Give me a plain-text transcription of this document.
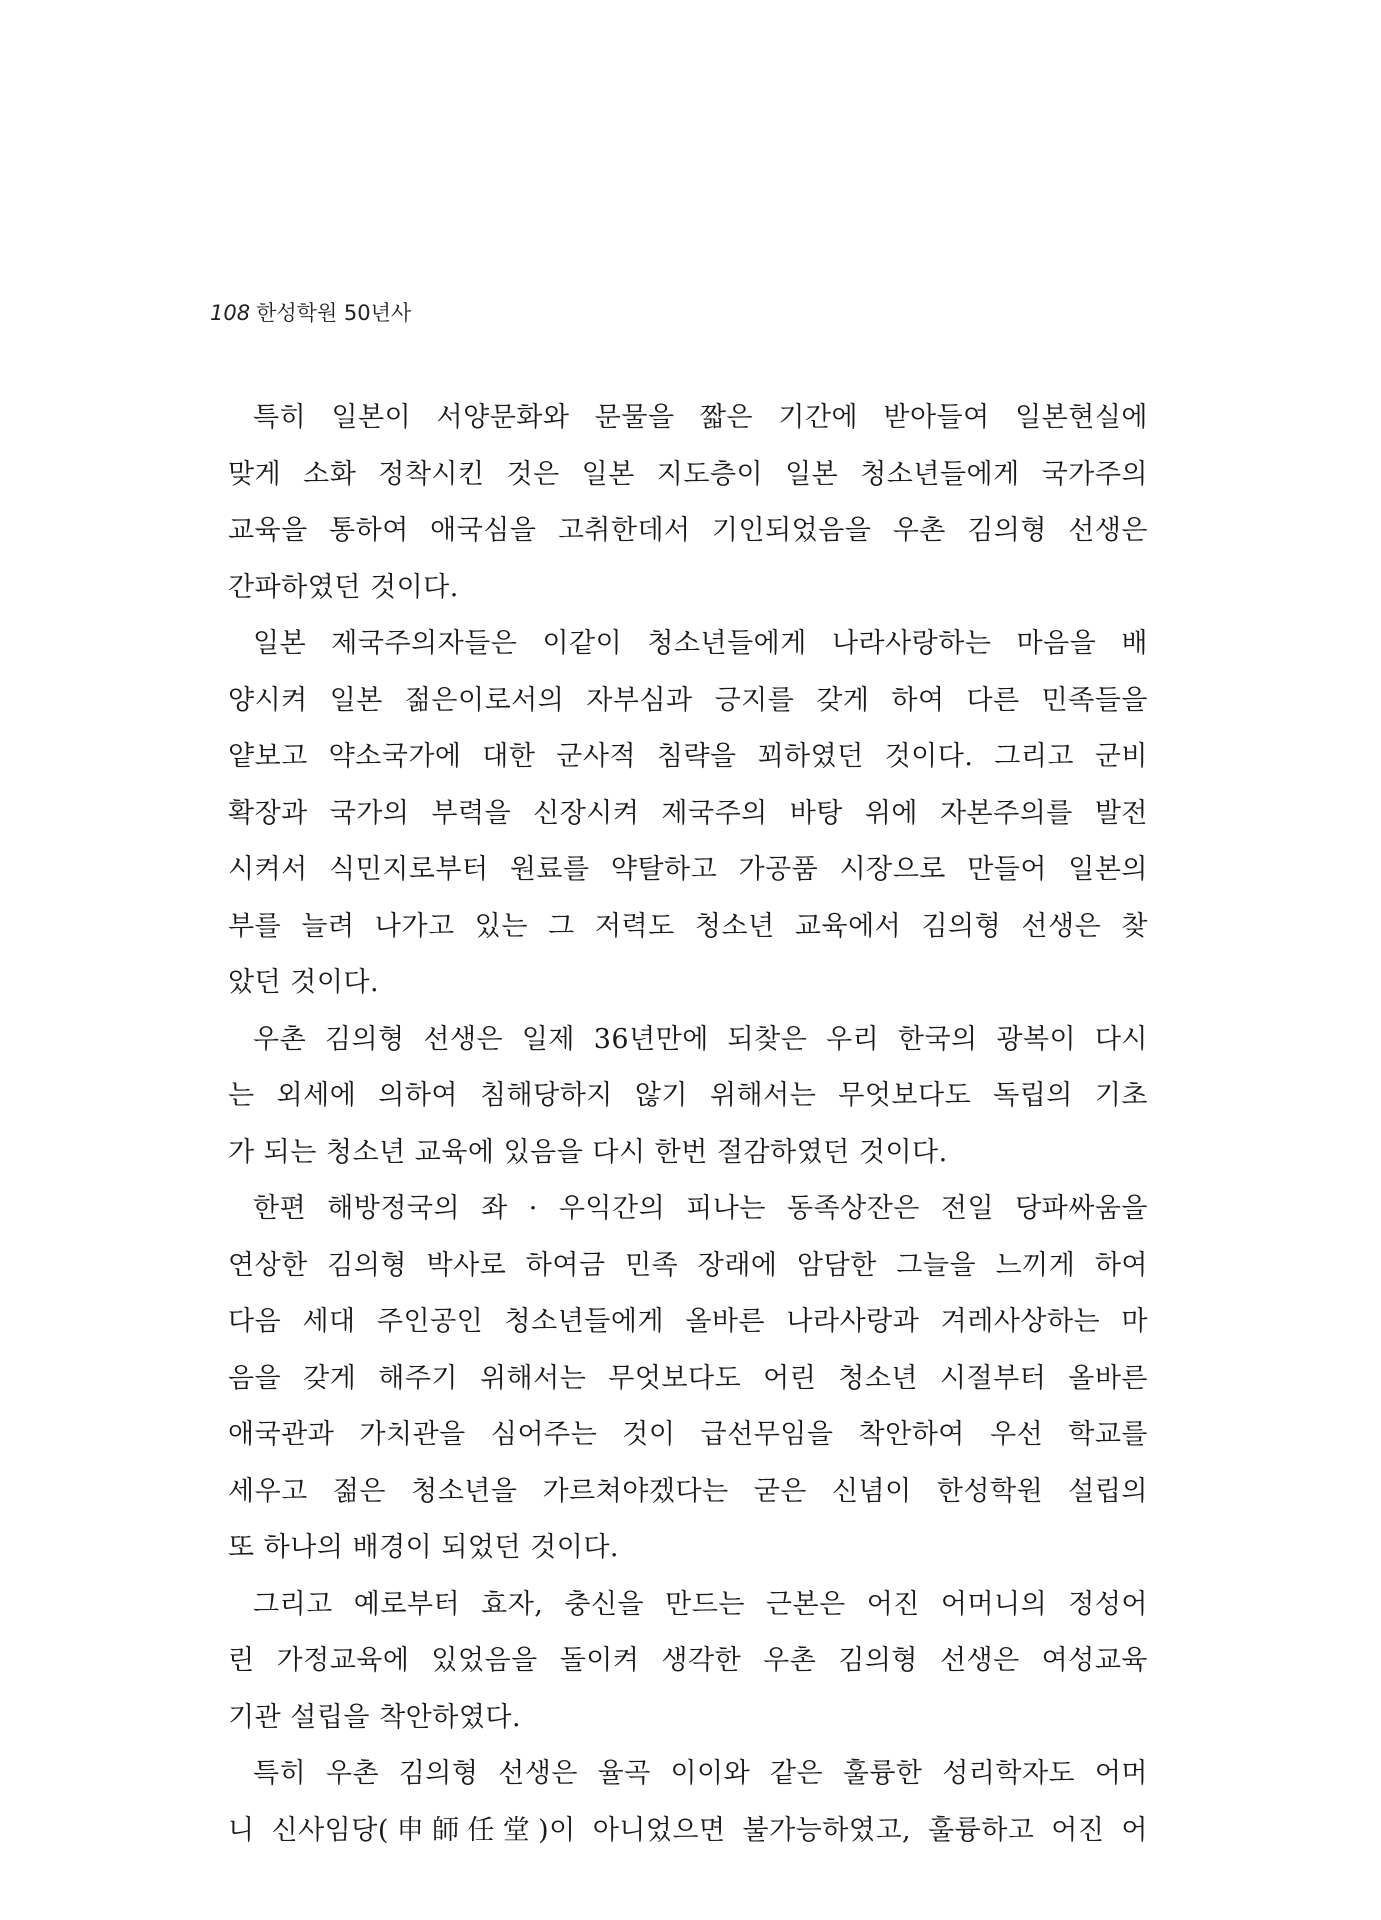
108 한성학원 50년사
특히 일본이 서양문화와 문물을 짧은 기간에 받아들여 일본현실에
맞게 소화 정착시킨 것은 일본 지도층이 일본 청소년들에게 국가주의
교육을 통하여 애국심을 고취한데서 기인되었음을 우촌 김의형 선생은
간파하였던 것이다.
일본 제국주의자들은 이같이 청소년들에게 나라사랑하는 마음을 배
양시켜 일본 젊은이로서의 자부심과 긍지를 갖게 하여 다른 민족들을
얕보고 약소국가에 대한 군사적 침략을 꾀하였던 것이다. 그리고 군비
확장과 국가의 부력을 신장시켜 제국주의 바탕 위에 자본주의를 발전
시켜서 식민지로부터 원료를 약탈하고 가공품 시장으로 만들어 일본의
부를 늘려 나가고 있는 그 저력도 청소년 교육에서 김의형 선생은 찾
았던 것이다.
우촌 김의형 선생은 일제 36년만에 되찾은 우리 한국의 광복이 다시
는 외세에 의하여 침해당하지 않기 위해서는 무엇보다도 독립의 기초
가 되는 청소년 교육에 있음을 다시 한번 절감하였던 것이다.
한편 해방정국의 좌 · 우익간의 피나는 동족상잔은 전일 당파싸움을
연상한 김의형 박사로 하여금 민족 장래에 암담한 그늘을 느끼게 하여
다음 세대 주인공인 청소년들에게 올바른 나라사랑과 겨레사상하는 마
음을 갖게 해주기 위해서는 무엇보다도 어린 청소년 시절부터 올바른
애국관과 가치관을 심어주는 것이 급선무임을 착안하여 우선 학교를
세우고 젊은 청소년을 가르쳐야겠다는 굳은 신념이 한성학원 설립의
또 하나의 배경이 되었던 것이다.
그리고 예로부터 효자, 충신을 만드는 근본은 어진 어머니의 정성어
린 가정교육에 있었음을 돌이켜 생각한 우촌 김의형 선생은 여성교육
기관 설립을 착안하였다.
특히 우촌 김의형 선생은 율곡 이이와 같은 훌륭한 성리학자도 어머
니 신사임당(申師任堂)이 아니었으면 불가능하였고, 훌륭하고 어진 어
